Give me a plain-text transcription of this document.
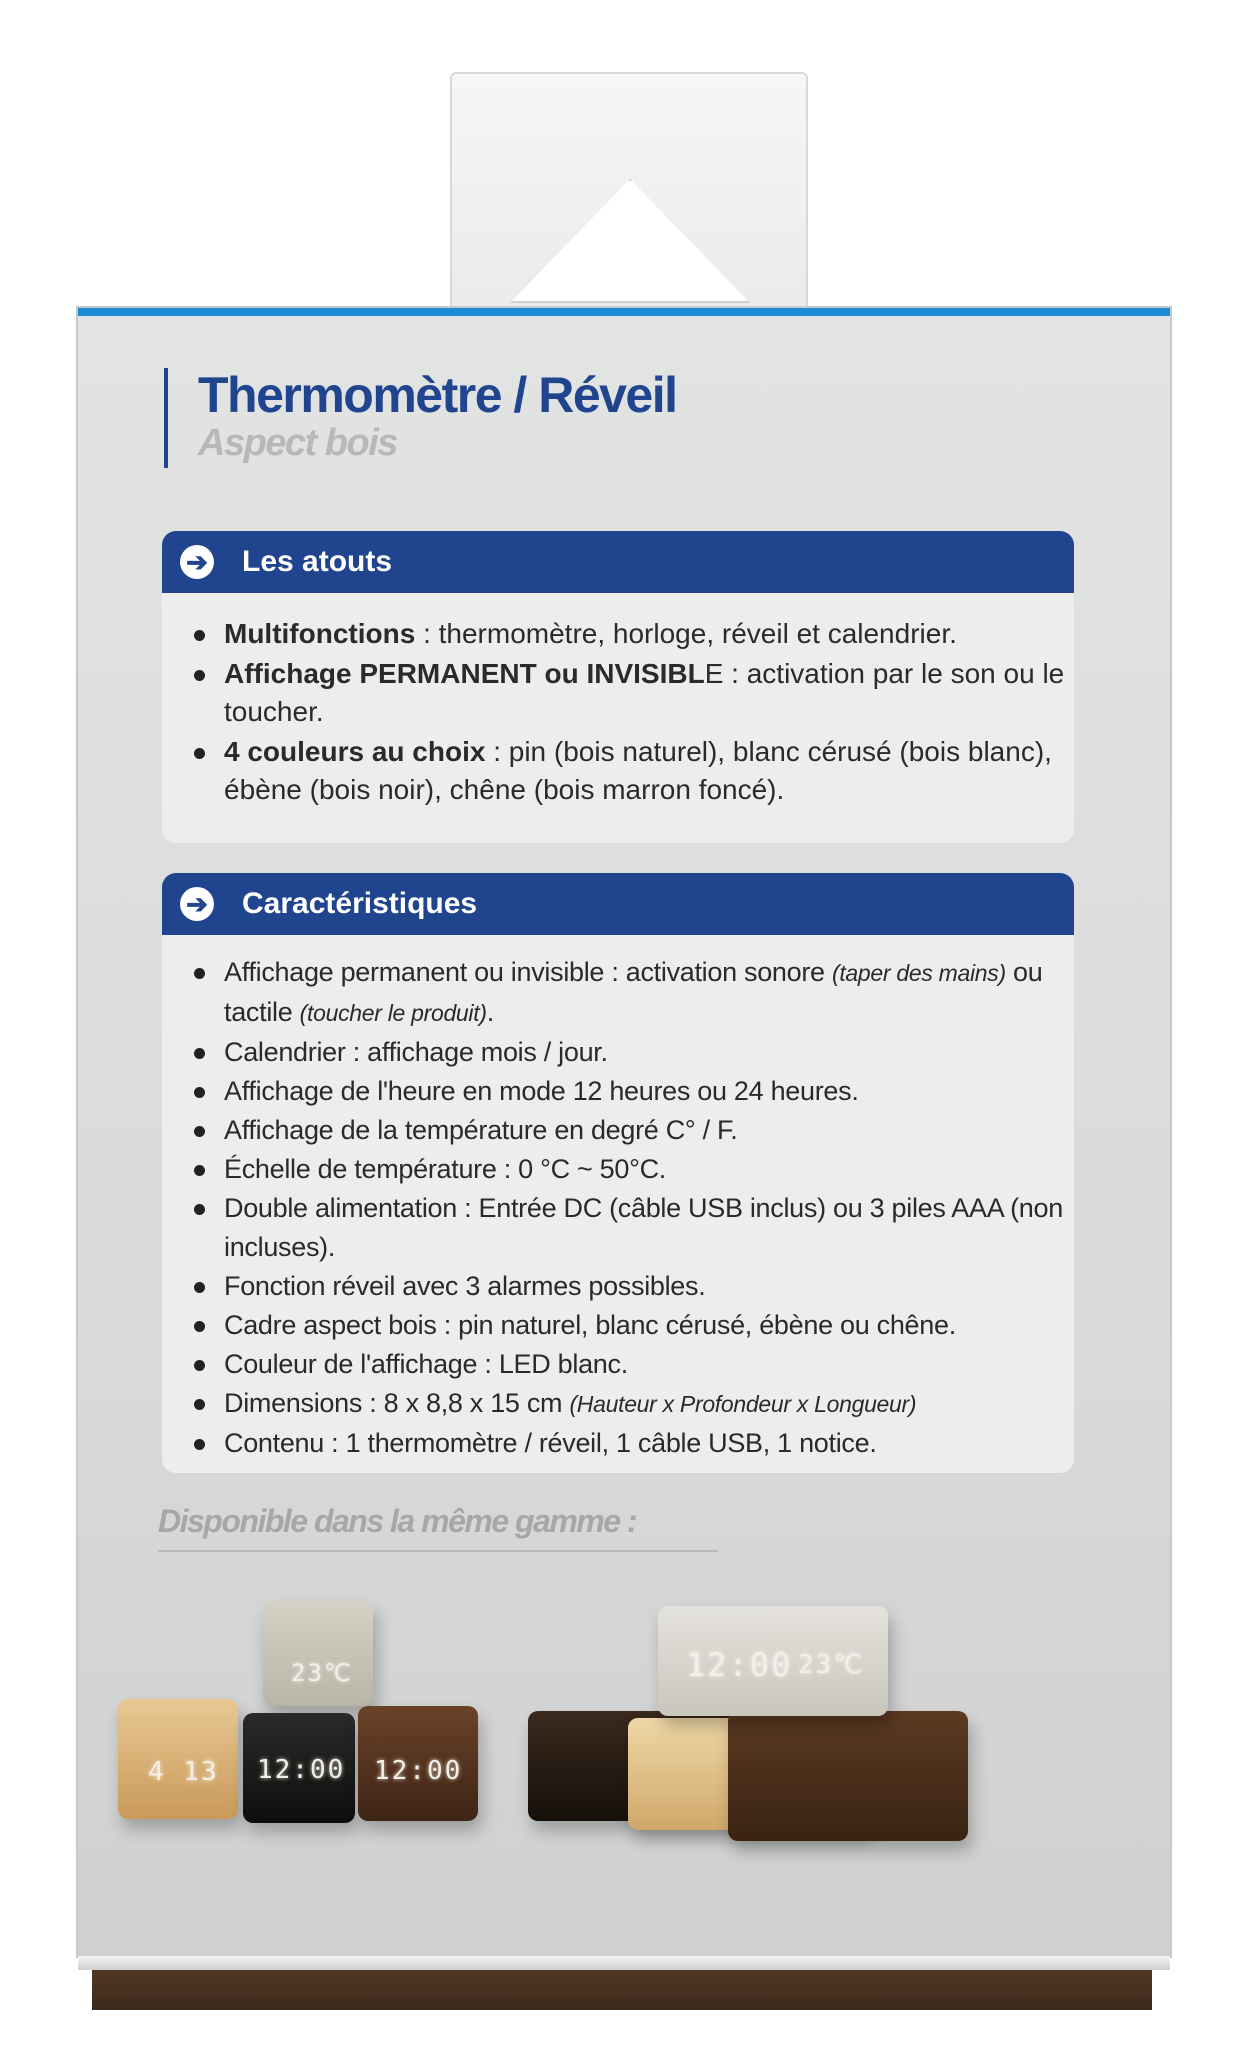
Thermomètre / Réveil
Aspect bois
➔ Les atouts
Multifonctions : thermomètre, horloge, réveil et calendrier.
Affichage PERMANENT ou INVISIBLE : activation par le son ou le toucher.
4 couleurs au choix : pin (bois naturel), blanc cérusé (bois blanc), ébène (bois noir), chêne (bois marron foncé).
➔ Caractéristiques
Affichage permanent ou invisible : activation sonore (taper des mains) ou tactile (toucher le produit).
Calendrier : affichage mois / jour.
Affichage de l'heure en mode 12 heures ou 24 heures.
Affichage de la température en degré C° / F.
Échelle de température : 0 °C ~ 50°C.
Double alimentation : Entrée DC (câble USB inclus) ou 3 piles AAA (non incluses).
Fonction réveil avec 3 alarmes possibles.
Cadre aspect bois : pin naturel, blanc cérusé, ébène ou chêne.
Couleur de l'affichage : LED blanc.
Dimensions : 8 x 8,8 x 15 cm (Hauteur x Profondeur x Longueur)
Contenu : 1 thermomètre / réveil, 1 câble USB, 1 notice.
Disponible dans la même gamme :
23℃
4 13 12:00 12:00
12:00 23℃
